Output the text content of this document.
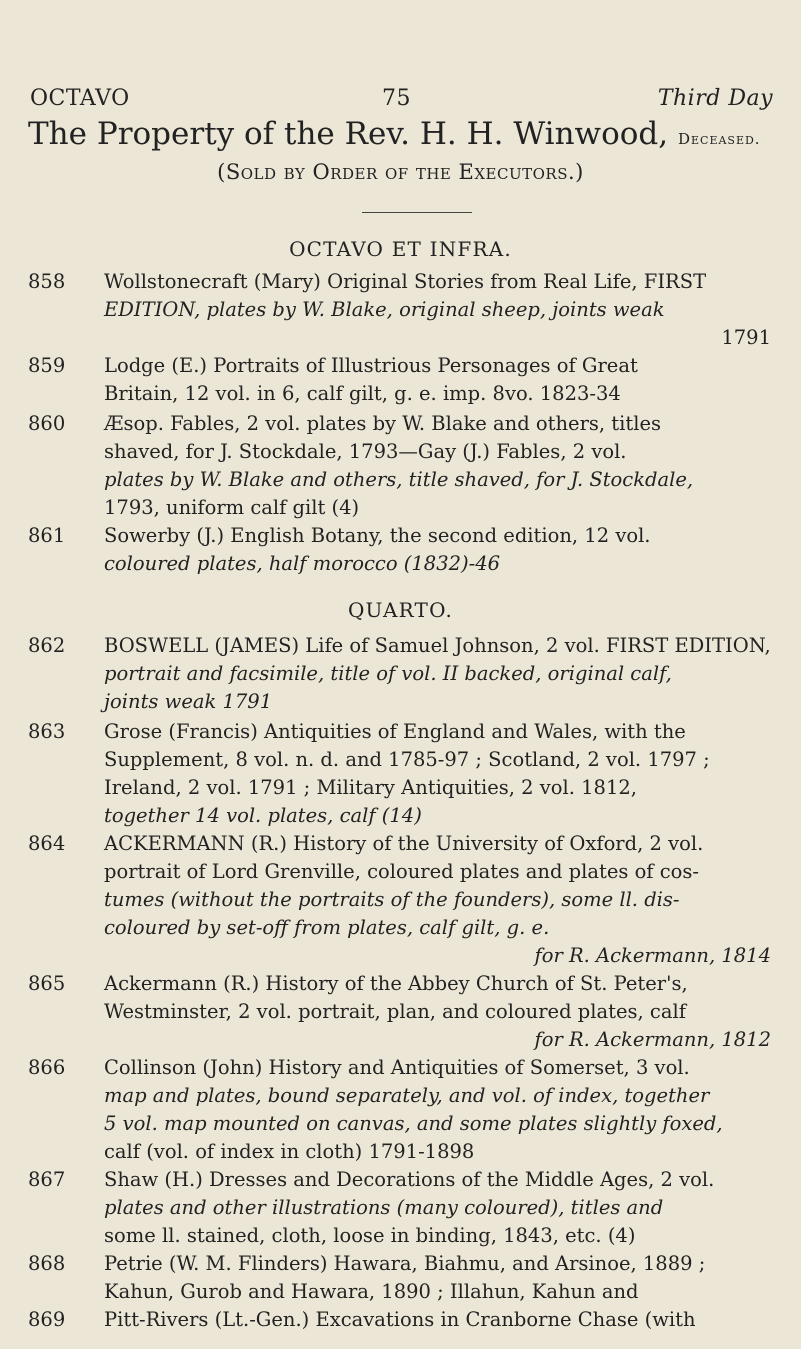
OCTAVO	75	Third Day
The Property of the Rev. H. H. Winwood, Deceased.
(Sold by Order of the Executors.)
OCTAVO ET INFRA.
858	Wollstonecraft (Mary) Original Stories from Real Life, FIRST
EDITION, plates by W. Blake, original sheep, joints weak
1791
859	Lodge (E.) Portraits of Illustrious Personages of Great
Britain, 12 vol. in 6, calf gilt, g. e. imp. 8vo. 1823-34
860	Æsop. Fables, 2 vol. plates by W. Blake and others, titles
shaved, for J. Stockdale, 1793—Gay (J.) Fables, 2 vol.
plates by W. Blake and others, title shaved, for J. Stockdale,
1793, uniform calf gilt (4)
861	Sowerby (J.) English Botany, the second edition, 12 vol.
coloured plates, half morocco (1832)-46
QUARTO.
862	BOSWELL (JAMES) Life of Samuel Johnson, 2 vol. FIRST EDITION,
portrait and facsimile, title of vol. II backed, original calf,
joints weak 1791
863	Grose (Francis) Antiquities of England and Wales, with the
Supplement, 8 vol. n. d. and 1785-97 ; Scotland, 2 vol. 1797 ;
Ireland, 2 vol. 1791 ; Military Antiquities, 2 vol. 1812,
together 14 vol. plates, calf (14)
864	ACKERMANN (R.) History of the University of Oxford, 2 vol.
portrait of Lord Grenville, coloured plates and plates of cos-
tumes (without the portraits of the founders), some ll. dis-
coloured by set-off from plates, calf gilt, g. e.
for R. Ackermann, 1814
865	Ackermann (R.) History of the Abbey Church of St. Peter's,
Westminster, 2 vol. portrait, plan, and coloured plates, calf
for R. Ackermann, 1812
866	Collinson (John) History and Antiquities of Somerset, 3 vol.
map and plates, bound separately, and vol. of index, together
5 vol. map mounted on canvas, and some plates slightly foxed,
calf (vol. of index in cloth) 1791-1898
867	Shaw (H.) Dresses and Decorations of the Middle Ages, 2 vol.
plates and other illustrations (many coloured), titles and
some ll. stained, cloth, loose in binding, 1843, etc. (4)
868	Petrie (W. M. Flinders) Hawara, Biahmu, and Arsinoe, 1889 ;
Kahun, Gurob and Hawara, 1890 ; Illahun, Kahun and
869	Pitt-Rivers (Lt.-Gen.) Excavations in Cranborne Chase (with
